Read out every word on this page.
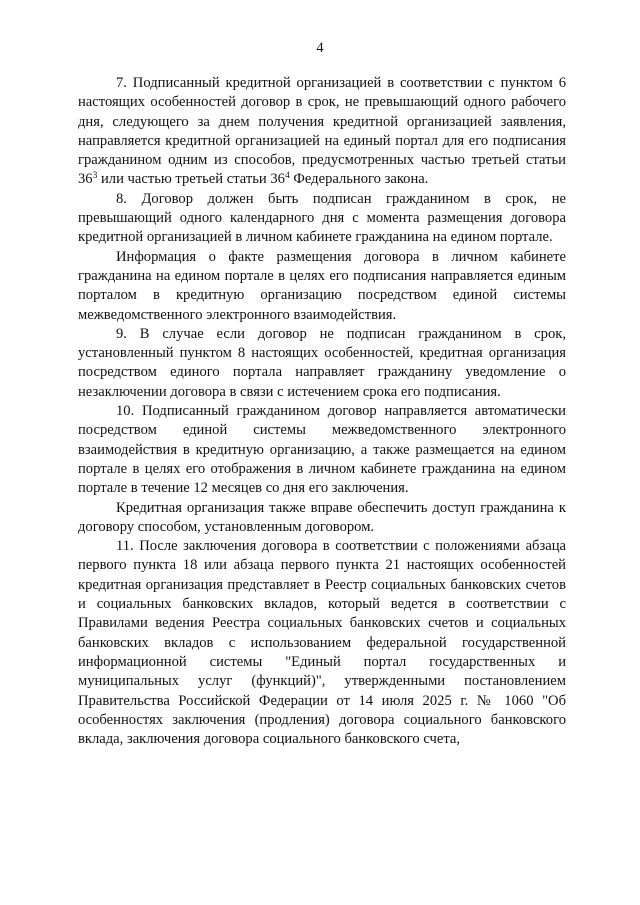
4

7. Подписанный кредитной организацией в соответствии с пунктом 6 настоящих особенностей договор в срок, не превышающий одного рабочего дня, следующего за днем получения кредитной организацией заявления, направляется кредитной организацией на единый портал для его подписания гражданином одним из способов, предусмотренных частью третьей статьи $36^3$ или частью третьей статьи $36^4$ Федерального закона.

8. Договор должен быть подписан гражданином в срок, не превышающий одного календарного дня с момента размещения договора кредитной организацией в личном кабинете гражданина на едином портале.

Информация о факте размещения договора в личном кабинете гражданина на едином портале в целях его подписания направляется единым порталом в кредитную организацию посредством единой системы межведомственного электронного взаимодействия.

9. В случае если договор не подписан гражданином в срок, установленный пунктом 8 настоящих особенностей, кредитная организация посредством единого портала направляет гражданину уведомление о незаключении договора в связи с истечением срока его подписания.

10. Подписанный гражданином договор направляется автоматически посредством единой системы межведомственного электронного взаимодействия в кредитную организацию, а также размещается на едином портале в целях его отображения в личном кабинете гражданина на едином портале в течение 12 месяцев со дня его заключения.

Кредитная организация также вправе обеспечить доступ гражданина к договору способом, установленным договором.

11. После заключения договора в соответствии с положениями абзаца первого пункта 18 или абзаца первого пункта 21 настоящих особенностей кредитная организация представляет в Реестр социальных банковских счетов и социальных банковских вкладов, который ведется в соответствии с Правилами ведения Реестра социальных банковских счетов и социальных банковских вкладов с использованием федеральной государственной информационной системы "Единый портал государственных и муниципальных услуг (функций)", утвержденными постановлением Правительства Российской Федерации от 14 июля 2025 г. № 1060 "Об особенностях заключения (продления) договора социального банковского вклада, заключения договора социального банковского счета,
